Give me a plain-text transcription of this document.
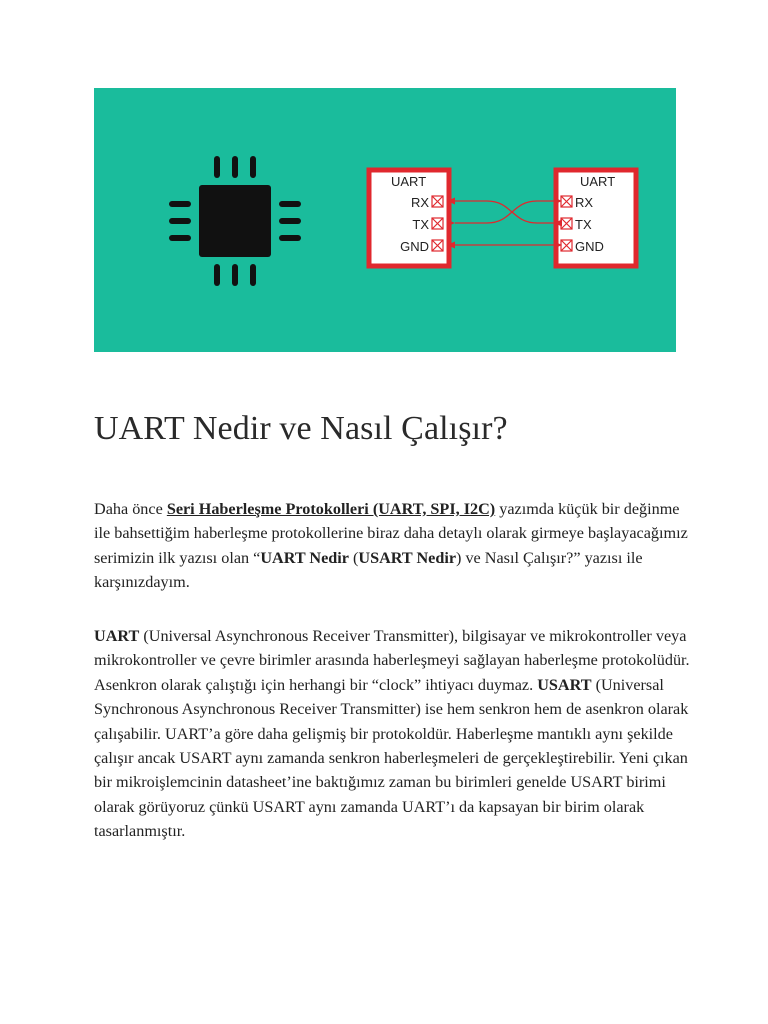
UART
RX
TX
GND
UART
RX
TX
GND
UART Nedir ve Nasıl Çalışır?

Daha önce Seri Haberleşme Protokolleri (UART, SPI, I2C) yazımda küçük bir değinme ile bahsettiğim haberleşme protokollerine biraz daha detaylı olarak girmeye başlayacağımız serimizin ilk yazısı olan “UART Nedir (USART Nedir) ve Nasıl Çalışır?” yazısı ile karşınızdayım.

UART (Universal Asynchronous Receiver Transmitter), bilgisayar ve mikrokontroller veya mikrokontroller ve çevre birimler arasında haberleşmeyi sağlayan haberleşme protokolüdür. Asenkron olarak çalıştığı için herhangi bir “clock” ihtiyacı duymaz. USART (Universal Synchronous Asynchronous Receiver Transmitter) ise hem senkron hem de asenkron olarak çalışabilir. UART’a göre daha gelişmiş bir protokoldür. Haberleşme mantıklı aynı şekilde çalışır ancak USART aynı zamanda senkron haberleşmeleri de gerçekleştirebilir. Yeni çıkan bir mikroişlemcinin datasheet’ine baktığımız zaman bu birimleri genelde USART birimi olarak görüyoruz çünkü USART aynı zamanda UART’ı da kapsayan bir birim olarak tasarlanmıştır.
